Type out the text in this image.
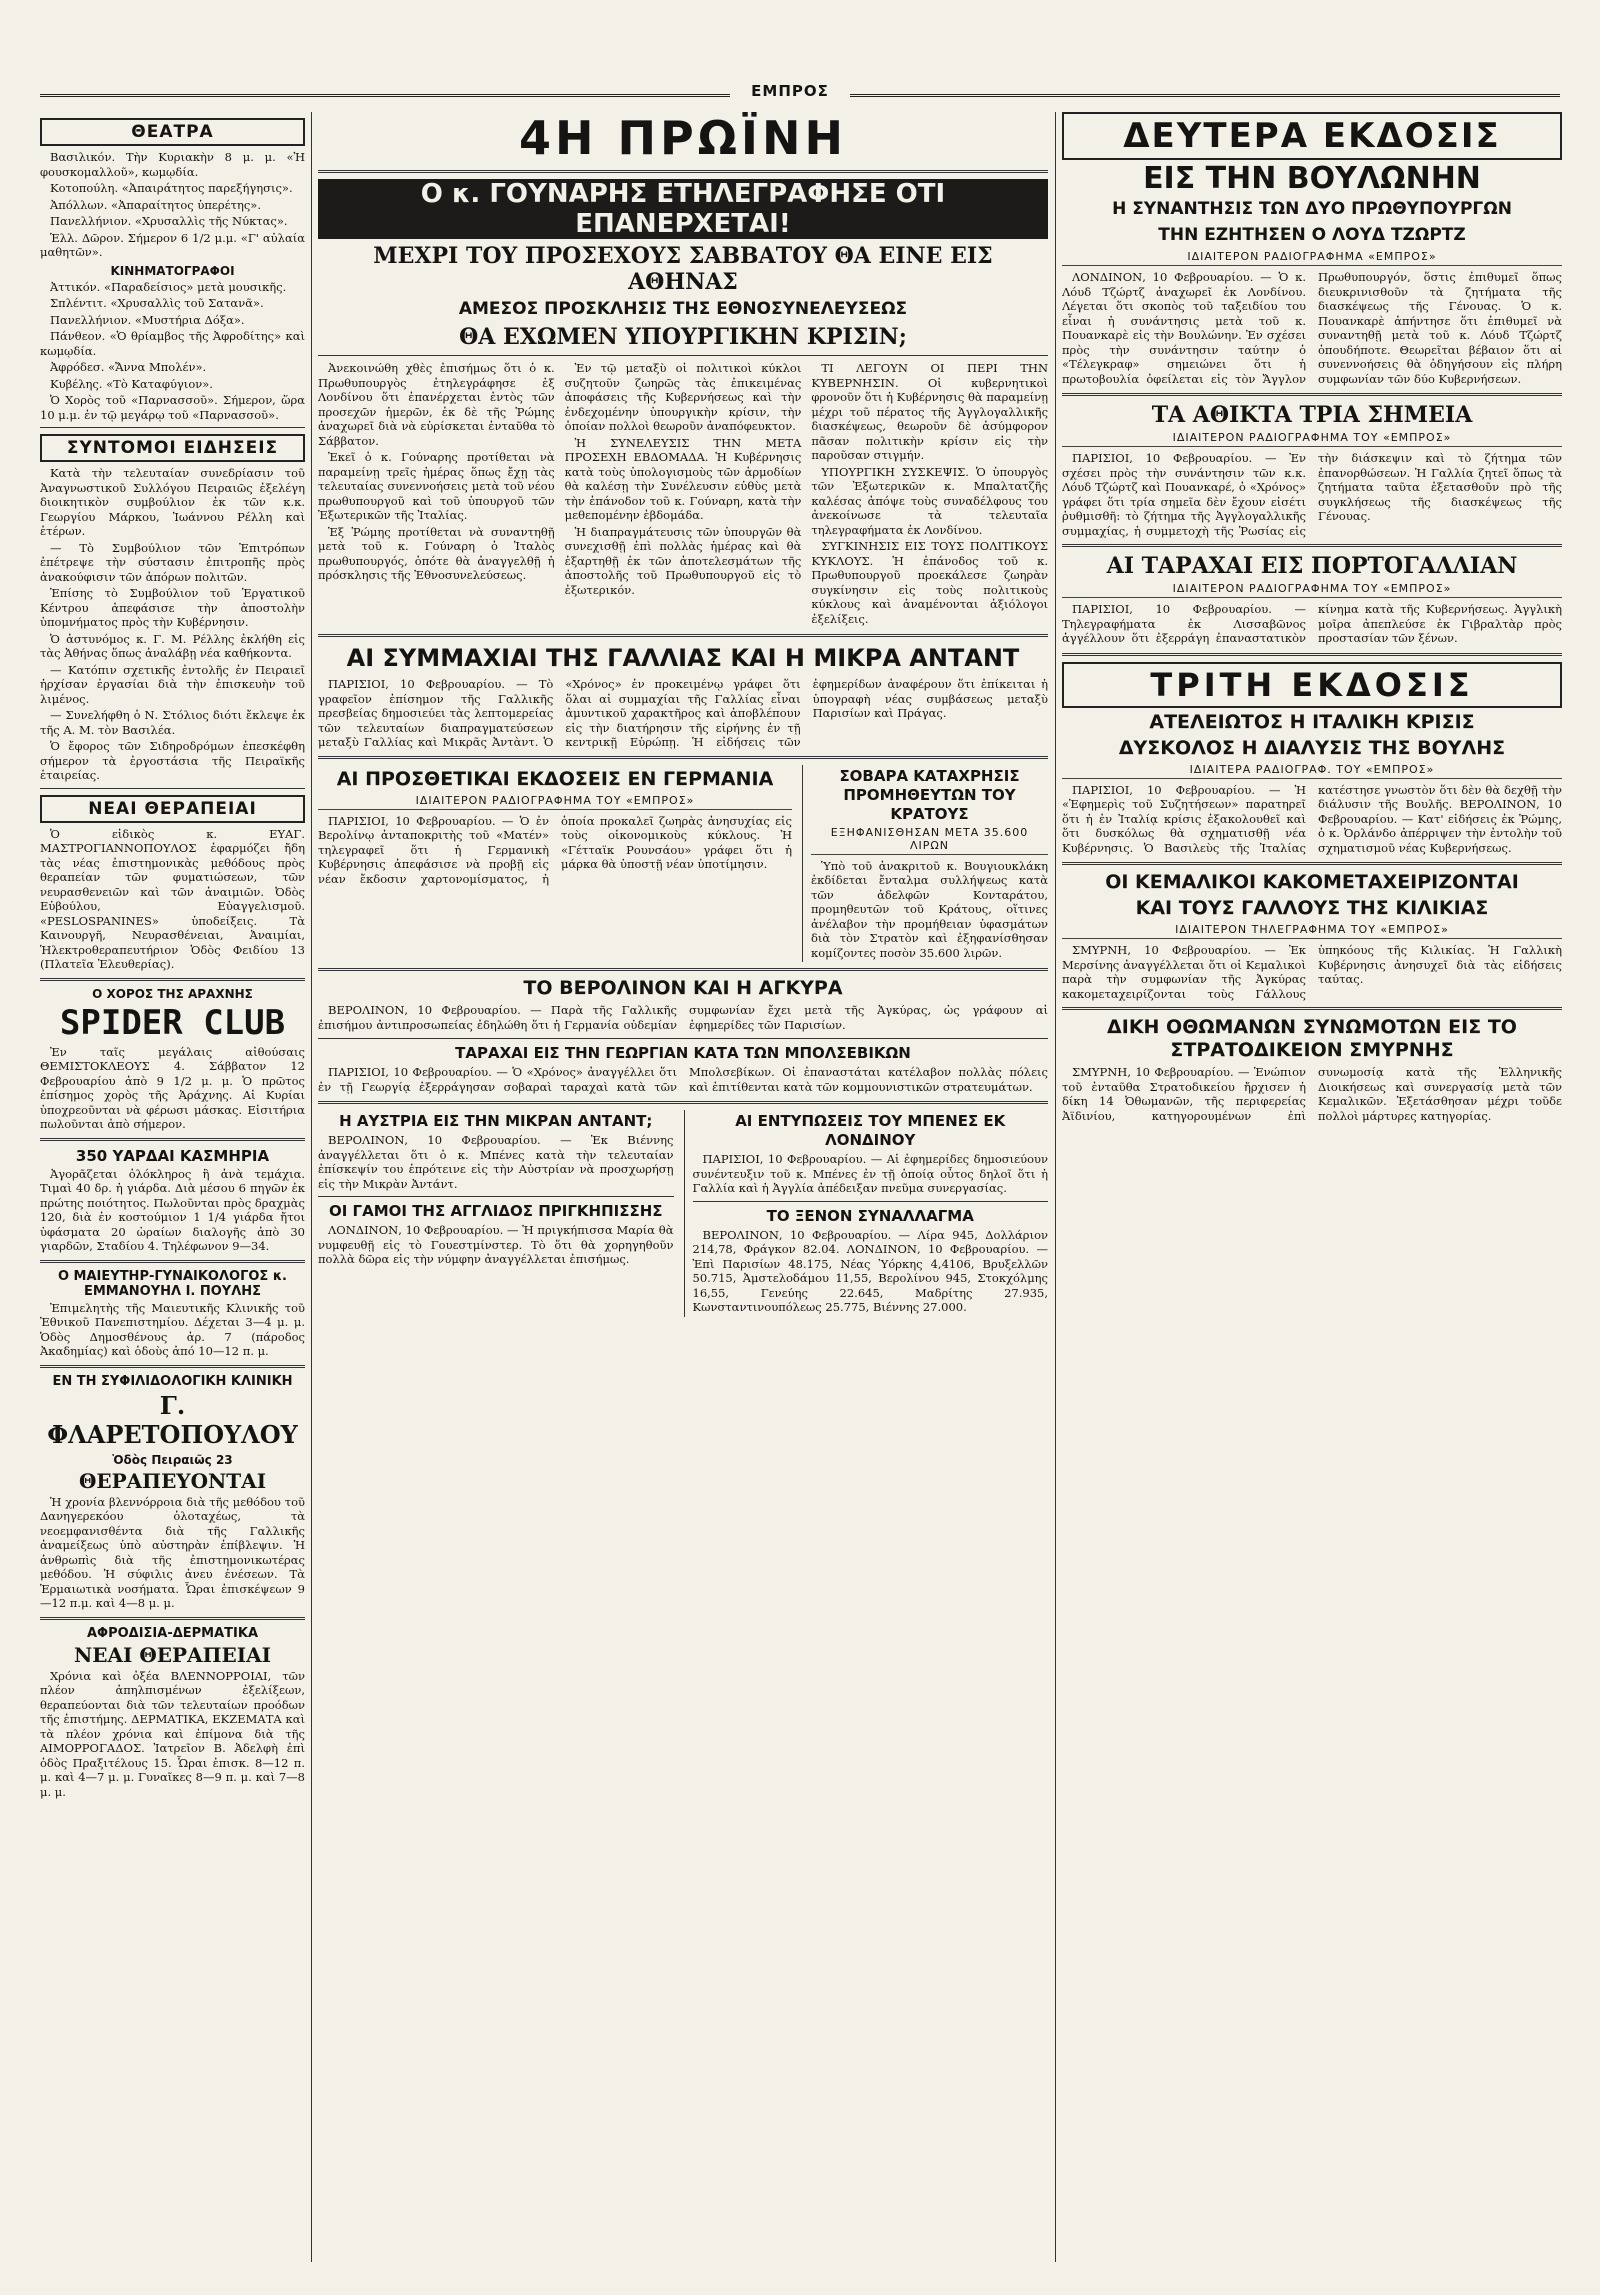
ΕΜΠΡΟΣ
ΘΕΑΤΡΑ

Βασιλικόν. Τὴν Κυριακὴν 8 μ. μ. «Ἡ φουσκομαλλοῦ», κωμῳδία.

Κοτοπούλη. «Ἀπαιράτητος παρεξήγησις».

Ἀπόλλων. «Ἀπαραίτητος ὑπερέτης».

Πανελλήνιον. «Χρυσαλλὶς τῆς Νύκτας».

Ἑλλ. Δῶρον. Σήμερον 6 1/2 μ.μ. «Γ' αὐλαία μαθητῶν».

ΚΙΝΗΜΑΤΟΓΡΑΦΟΙ

Ἀττικόν. «Παραδείσιος» μετὰ μουσικῆς.

Σπλέντιτ. «Χρυσαλλὶς τοῦ Σατανᾶ».

Πανελλήνιον. «Μυστήρια Δόξα».

Πάνθεον. «Ὁ θρίαμβος τῆς Ἀφροδίτης» καὶ κωμῳδία.

Ἀφρόδεσ. «Ἄννα Μπολέν».

Κυβέλης. «Τὸ Καταφύγιον».

Ὁ Χορὸς τοῦ «Παρνασσοῦ». Σήμερον, ὥρα 10 μ.μ. ἐν τῷ μεγάρῳ τοῦ «Παρνασσοῦ».

ΣΥΝΤΟΜΟΙ ΕΙΔΗΣΕΙΣ

Κατὰ τὴν τελευταίαν συνεδρίασιν τοῦ Ἀναγνωστικοῦ Συλλόγου Πειραιῶς ἐξελέγη διοικητικὸν συμβούλιον ἐκ τῶν κ.κ. Γεωργίου Μάρκου, Ἰωάννου Ρέλλη καὶ ἑτέρων.

— Τὸ Συμβούλιον τῶν Ἐπιτρόπων ἐπέτρεψε τὴν σύστασιν ἐπιτροπῆς πρὸς ἀνακούφισιν τῶν ἀπόρων πολιτῶν.

Ἐπίσης τὸ Συμβούλιον τοῦ Ἐργατικοῦ Κέντρου ἀπεφάσισε τὴν ἀποστολὴν ὑπομνήματος πρὸς τὴν Κυβέρνησιν.

Ὁ ἀστυνόμος κ. Γ. Μ. Ρέλλης ἐκλήθη εἰς τὰς Ἀθήνας ὅπως ἀναλάβῃ νέα καθήκοντα.

— Κατόπιν σχετικῆς ἐντολῆς ἐν Πειραιεῖ ἠρχίσαν ἐργασίαι διὰ τὴν ἐπισκευὴν τοῦ λιμένος.

— Συνελήφθη ὁ Ν. Στόλιος διότι ἔκλεψε ἐκ τῆς Α. Μ. τὸν Βασιλέα.

Ὁ ἔφορος τῶν Σιδηροδρόμων ἐπεσκέφθη σήμερον τὰ ἐργοστάσια τῆς Πειραϊκῆς ἑταιρείας.

ΝΕΑΙ ΘΕΡΑΠΕΙΑΙ

Ὁ εἰδικὸς κ. ΕΥΑΓ. ΜΑΣΤΡΟΓΙΑΝΝΟΠΟΥΛΟΣ ἐφαρμόζει ἤδη τὰς νέας ἐπιστημονικὰς μεθόδους πρὸς θεραπείαν τῶν φυματιώσεων, τῶν νευρασθενειῶν καὶ τῶν ἀναιμιῶν. Ὀδὸς Εὐβούλου, Εὐαγγελισμοῦ. «PESLOSPANINES» ὑποδείξεις. Τὰ Καινουργῆ, Νευρασθένειαι, Ἀναιμίαι, Ἡλεκτροθεραπευτήριον Ὁδὸς Φειδίου 13 (Πλατεῖα Ἐλευθερίας).

Ο ΧΟΡΟΣ ΤΗΣ ΑΡΑΧΝΗΣ
SPIDER CLUB

Ἐν ταῖς μεγάλαις αἰθούσαις ΘΕΜΙΣΤΟΚΛΕΟΥΣ 4. Σάββατον 12 Φεβρουαρίου ἀπὸ 9 1/2 μ. μ. Ὁ πρῶτος ἐπίσημος χορὸς τῆς Ἀράχνης. Αἱ Κυρίαι ὑποχρεοῦνται νὰ φέρωσι μάσκας. Εἰσιτήρια πωλοῦνται ἀπὸ σήμερον.

350 ΥΑΡΔΑΙ ΚΑΣΜΗΡΙΑ

Ἀγορᾶζεται ὁλόκληρος ἢ ἀνὰ τεμάχια. Τιμαὶ 40 δρ. ἡ γιάρδα. Διὰ μέσου 6 πηγῶν ἐκ πρώτης ποιότητος. Πωλοῦνται πρὸς δραχμὰς 120, διὰ ἐν κοστούμιον 1 1/4 γιάρδα ἤτοι ὑφάσματα 20 ὡραίων διαλογῆς ἀπὸ 30 γιαρδῶν, Σταδίου 4. Τηλέφωνον 9—34.

Ο ΜΑΙΕΥΤΗΡ-ΓΥΝΑΙΚΟΛΟΓΟΣ κ. ΕΜΜΑΝΟΥΗΛ Ι. ΠΟΥΛΗΣ

Ἐπιμελητὴς τῆς Μαιευτικῆς Κλινικῆς τοῦ Ἐθνικοῦ Πανεπιστημίου. Δέχεται 3—4 μ. μ. Ὁδὸς Δημοσθένους ἀρ. 7 (πάροδος Ἀκαδημίας) καὶ ὁδοὺς ἀπό 10—12 π. μ.

ΕΝ ΤΗ ΣΥΦΙΛΙΔΟΛΟΓΙΚΗ ΚΛΙΝΙΚΗ
Γ. ΦΛΑΡΕΤΟΠΟΥΛΟΥ
Ὁδὸς Πειραιῶς 23
ΘΕΡΑΠΕΥΟΝΤΑΙ

Ἡ χρονία βλεννόρροια διὰ τῆς μεθόδου τοῦ Δανηγερεκόου ὁλοταχέως, τὰ νεοεμφανισθέντα διὰ τῆς Γαλλικῆς ἀναμείξεως ὑπὸ αὐστηρὰν ἐπίβλεψιν. Ἡ ἀνθρωπὶς διὰ τῆς ἐπιστημονικωτέρας μεθόδου. Ἡ σύφιλις ἀνευ ἐνέσεων. Τὰ Ἑρμαιωτικὰ νοσήματα. Ὧραι ἐπισκέψεων 9—12 π.μ. καὶ 4—8 μ. μ.

ΑΦΡΟΔΙΣΙΑ-ΔΕΡΜΑΤΙΚΑ
ΝΕΑΙ ΘΕΡΑΠΕΙΑΙ

Χρόνια καὶ ὀξέα ΒΛΕΝΝΟΡΡΟΙΑΙ, τῶν πλέον ἀπηλπισμένων ἐξελίξεων, θεραπεύονται διὰ τῶν τελευταίων προόδων τῆς ἐπιστήμης. ΔΕΡΜΑΤΙΚΑ, ΕΚΖΕΜΑΤΑ καὶ τὰ πλέον χρόνια καὶ ἐπίμονα διὰ τῆς ΑΙΜΟΡΡΟΓΑΔΟΣ. Ἰατρεῖον Β. Ἀδελφὴ ἐπὶ ὁδὸς Πραξιτέλους 15. Ὧραι ἐπισκ. 8—12 π. μ. καὶ 4—7 μ. μ. Γυναῖκες 8—9 π. μ. καὶ 7—8 μ. μ.

4Η ΠΡΩΪΝΗ
Ο κ. ΓΟΥΝΑΡΗΣ ΕΤΗΛΕΓΡΑΦΗΣΕ ΟΤΙ ΕΠΑΝΕΡΧΕΤΑΙ!
ΜΕΧΡΙ ΤΟΥ ΠΡΟΣΕΧΟΥΣ ΣΑΒΒΑΤΟΥ ΘΑ ΕΙΝΕ ΕΙΣ ΑΘΗΝΑΣ
ΑΜΕΣΟΣ ΠΡΟΣΚΛΗΣΙΣ ΤΗΣ ΕΘΝΟΣΥΝΕΛΕΥΣΕΩΣ
ΘΑ ΕΧΩΜΕΝ ΥΠΟΥΡΓΙΚΗΝ ΚΡΙΣΙΝ;

Ἀνεκοινώθη χθὲς ἐπισήμως ὅτι ὁ κ. Πρωθυπουργὸς ἐτηλεγράφησε ἐξ Λονδίνου ὅτι ἐπανέρχεται ἐντὸς τῶν προσεχῶν ἡμερῶν, ἐκ δὲ τῆς Ῥώμης ἀναχωρεῖ διὰ νὰ εὑρίσκεται ἐνταῦθα τὸ Σάββατον.

Ἐκεῖ ὁ κ. Γούναρης προτίθεται νὰ παραμείνῃ τρεῖς ἡμέρας ὅπως ἔχῃ τὰς τελευταίας συνεννοήσεις μετὰ τοῦ νέου πρωθυπουργοῦ καὶ τοῦ ὑπουργοῦ τῶν Ἐξωτερικῶν τῆς Ἰταλίας.

Ἐξ Ῥώμης προτίθεται νὰ συναντηθῇ μετὰ τοῦ κ. Γούναρη ὁ Ἰταλὸς πρωθυπουργός, ὁπότε θὰ ἀναγγελθῇ ἡ πρόσκλησις τῆς Ἐθνοσυνελεύσεως.

Ἐν τῷ μεταξὺ οἱ πολιτικοὶ κύκλοι συζητοῦν ζωηρῶς τὰς ἐπικειμένας ἀποφάσεις τῆς Κυβερνήσεως καὶ τὴν ἐνδεχομένην ὑπουργικὴν κρίσιν, τὴν ὁποίαν πολλοὶ θεωροῦν ἀναπόφευκτον.

Ἡ ΣΥΝΕΛΕΥΣΙΣ ΤΗΝ ΜΕΤΑ ΠΡΟΣΕΧΗ ΕΒΔΟΜΑΔΑ. Ἡ Κυβέρνησις κατὰ τοὺς ὑπολογισμοὺς τῶν ἁρμοδίων θὰ καλέσῃ τὴν Συνέλευσιν εὐθὺς μετὰ τὴν ἐπάνοδον τοῦ κ. Γούναρη, κατὰ τὴν μεθεπομένην ἑβδομάδα.

Ἡ διαπραγμάτευσις τῶν ὑπουργῶν θὰ συνεχισθῇ ἐπὶ πολλὰς ἡμέρας καὶ θὰ ἐξαρτηθῇ ἐκ τῶν ἀποτελεσμάτων τῆς ἀποστολῆς τοῦ Πρωθυπουργοῦ εἰς τὸ ἐξωτερικόν.

ΤΙ ΛΕΓΟΥΝ ΟΙ ΠΕΡΙ ΤΗΝ ΚΥΒΕΡΝΗΣΙΝ. Οἱ κυβερνητικοὶ φρονοῦν ὅτι ἡ Κυβέρνησις θὰ παραμείνῃ μέχρι τοῦ πέρατος τῆς Ἀγγλογαλλικῆς διασκέψεως, θεωροῦν δὲ ἀσύμφορον πᾶσαν πολιτικὴν κρίσιν εἰς τὴν παροῦσαν στιγμήν.

ΥΠΟΥΡΓΙΚΗ ΣΥΣΚΕΨΙΣ. Ὁ ὑπουργὸς τῶν Ἐξωτερικῶν κ. Μπαλτατζῆς καλέσας ἀπόψε τοὺς συναδέλφους του ἀνεκοίνωσε τὰ τελευταῖα τηλεγραφήματα ἐκ Λονδίνου.

ΣΥΓΚΙΝΗΣΙΣ ΕΙΣ ΤΟΥΣ ΠΟΛΙΤΙΚΟΥΣ ΚΥΚΛΟΥΣ. Ἡ ἐπάνοδος τοῦ κ. Πρωθυπουργοῦ προεκάλεσε ζωηρὰν συγκίνησιν εἰς τοὺς πολιτικοὺς κύκλους καὶ ἀναμένονται ἀξιόλογοι ἐξελίξεις.

ΑΙ ΣΥΜΜΑΧΙΑΙ ΤΗΣ ΓΑΛΛΙΑΣ ΚΑΙ Η ΜΙΚΡΑ ΑΝΤΑΝΤ

ΠΑΡΙΣΙΟΙ, 10 Φεβρουαρίου. — Τὸ γραφεῖον ἐπίσημον τῆς Γαλλικῆς πρεσβείας δημοσιεύει τὰς λεπτομερείας τῶν τελευταίων διαπραγματεύσεων μεταξὺ Γαλλίας καὶ Μικρᾶς Ἀντὰντ. Ὁ «Χρόνος» ἐν προκειμένῳ γράφει ὅτι ὅλαι αἱ συμμαχίαι τῆς Γαλλίας εἶναι ἀμυντικοῦ χαρακτῆρος καὶ ἀποβλέπουν εἰς τὴν διατήρησιν τῆς εἰρήνης ἐν τῇ κεντρικῇ Εὐρώπῃ. Ἡ εἰδήσεις τῶν ἐφημερίδων ἀναφέρουν ὅτι ἐπίκειται ἡ ὑπογραφὴ νέας συμβάσεως μεταξὺ Παρισίων καὶ Πράγας.

ΑΙ ΠΡΟΣΘΕΤΙΚΑΙ ΕΚΔΟΣΕΙΣ ΕΝ ΓΕΡΜΑΝΙΑ
ΙΔΙΑΙΤΕΡΟΝ ΡΑΔΙΟΓΡΑΦΗΜΑ ΤΟΥ «ΕΜΠΡΟΣ»

ΠΑΡΙΣΙΟΙ, 10 Φεβρουαρίου. — Ὁ ἐν Βερολίνῳ ἀνταποκριτὴς τοῦ «Ματέν» τηλεγραφεῖ ὅτι ἡ Γερμανικὴ Κυβέρνησις ἀπεφάσισε νὰ προβῇ εἰς νέαν ἔκδοσιν χαρτονομίσματος, ἡ ὁποία προκαλεῖ ζωηρὰς ἀνησυχίας εἰς τοὺς οἰκονομικοὺς κύκλους. Ἡ «Γέτταϊκ Ρουνσάου» γράφει ὅτι ἡ μάρκα θὰ ὑποστῇ νέαν ὑποτίμησιν.

ΣΟΒΑΡΑ ΚΑΤΑΧΡΗΣΙΣ ΠΡΟΜΗΘΕΥΤΩΝ ΤΟΥ ΚΡΑΤΟΥΣ
ΕΞΗΦΑΝΙΣΘΗΣΑΝ ΜΕΤΑ 35.600 ΛΙΡΩΝ

Ὑπὸ τοῦ ἀνακριτοῦ κ. Βουγιουκλάκη ἐκδίδεται ἔνταλμα συλλήψεως κατὰ τῶν ἀδελφῶν Κονταράτου, προμηθευτῶν τοῦ Κράτους, οἵτινες ἀνέλαβον τὴν προμήθειαν ὑφασμάτων διὰ τὸν Στρατὸν καὶ ἐξηφανίσθησαν κομίζοντες ποσὸν 35.600 λιρῶν.

ΤΟ ΒΕΡΟΛΙΝΟΝ ΚΑΙ Η ΑΓΚΥΡΑ

ΒΕΡΟΛΙΝΟΝ, 10 Φεβρουαρίου. — Παρὰ τῆς Γαλλικῆς ἐπισήμου ἀντιπροσωπείας ἐδηλώθη ὅτι ἡ Γερμανία οὐδεμίαν συμφωνίαν ἔχει μετὰ τῆς Ἀγκύρας, ὡς γράφουν αἱ ἐφημερίδες τῶν Παρισίων.

ΤΑΡΑΧΑΙ ΕΙΣ ΤΗΝ ΓΕΩΡΓΙΑΝ ΚΑΤΑ ΤΩΝ ΜΠΟΛΣΕΒΙΚΩΝ

ΠΑΡΙΣΙΟΙ, 10 Φεβρουαρίου. — Ὁ «Χρόνος» ἀναγγέλλει ὅτι ἐν τῇ Γεωργίᾳ ἐξερράγησαν σοβαραὶ ταραχαὶ κατὰ τῶν Μπολσεβίκων. Οἱ ἐπαναστάται κατέλαβον πολλὰς πόλεις καὶ ἐπιτίθενται κατὰ τῶν κομμουνιστικῶν στρατευμάτων.

Η ΑΥΣΤΡΙΑ ΕΙΣ ΤΗΝ ΜΙΚΡΑΝ ΑΝΤΑΝΤ;

ΒΕΡΟΛΙΝΟΝ, 10 Φεβρουαρίου. — Ἐκ Βιέννης ἀναγγέλλεται ὅτι ὁ κ. Μπένες κατὰ τὴν τελευταίαν ἐπίσκεψίν του ἐπρότεινε εἰς τὴν Αὐστρίαν νὰ προσχωρήσῃ εἰς τὴν Μικρὰν Ἀντάντ.

ΟΙ ΓΑΜΟΙ ΤΗΣ ΑΓΓΛΙΔΟΣ ΠΡΙΓΚΗΠΙΣΣΗΣ

ΛΟΝΔΙΝΟΝ, 10 Φεβρουαρίου. — Ἡ πριγκήπισσα Μαρία θὰ νυμφευθῇ εἰς τὸ Γουεστμίνστερ. Τὸ ὅτι θὰ χορηγηθοῦν πολλὰ δῶρα εἰς τὴν νύμφην ἀναγγέλλεται ἐπισήμως.

ΑΙ ΕΝΤΥΠΩΣΕΙΣ ΤΟΥ ΜΠΕΝΕΣ ΕΚ ΛΟΝΔΙΝΟΥ

ΠΑΡΙΣΙΟΙ, 10 Φεβρουαρίου. — Αἱ ἐφημερίδες δημοσιεύουν συνέντευξιν τοῦ κ. Μπένες ἐν τῇ ὁποίᾳ οὗτος δηλοῖ ὅτι ἡ Γαλλία καὶ ἡ Ἀγγλία ἀπέδειξαν πνεῦμα συνεργασίας.

ΤΟ ΞΕΝΟΝ ΣΥΝΑΛΛΑΓΜΑ

ΒΕΡΟΛΙΝΟΝ, 10 Φεβρουαρίου. — Λίρα 945, Δολλάριον 214,78, Φράγκον 82.04. ΛΟΝΔΙΝΟΝ, 10 Φεβρουαρίου. — Ἐπὶ Παρισίων 48.175, Νέας Ὑόρκης 4,4106, Βρυξελλῶν 50.715, Ἀμστελοδάμου 11,55, Βερολίνου 945, Στοκχόλμης 16,55, Γενεύης 22.645, Μαδρίτης 27.935, Κωνσταντινουπόλεως 25.775, Βιέννης 27.000.

ΔΕΥΤΕΡΑ ΕΚΔΟΣΙΣ
ΕΙΣ ΤΗΝ ΒΟΥΛΩΝΗΝ
Η ΣΥΝΑΝΤΗΣΙΣ ΤΩΝ ΔΥΟ ΠΡΩΘΥΠΟΥΡΓΩΝ
ΤΗΝ ΕΖΗΤΗΣΕΝ Ο ΛΟΥΔ ΤΖΩΡΤΖ
ΙΔΙΑΙΤΕΡΟΝ ΡΑΔΙΟΓΡΑΦΗΜΑ «ΕΜΠΡΟΣ»

ΛΟΝΔΙΝΟΝ, 10 Φεβρουαρίου. — Ὁ κ. Λόυδ Τζώρτζ ἀναχωρεῖ ἐκ Λονδίνου. Λέγεται ὅτι σκοπὸς τοῦ ταξειδίου του εἶναι ἡ συνάντησις μετὰ τοῦ κ. Πουανκαρὲ εἰς τὴν Βουλώνην. Ἐν σχέσει πρὸς τὴν συνάντησιν ταύτην ὁ «Τέλεγκραφ» σημειώνει ὅτι ἡ πρωτοβουλία ὀφείλεται εἰς τὸν Ἄγγλον Πρωθυπουργόν, ὅστις ἐπιθυμεῖ ὅπως διευκρινισθοῦν τὰ ζητήματα τῆς διασκέψεως τῆς Γένουας. Ὁ κ. Πουανκαρὲ ἀπήντησε ὅτι ἐπιθυμεῖ νὰ συναντηθῇ μετὰ τοῦ κ. Λόυδ Τζώρτζ ὁπουδήποτε. Θεωρεῖται βέβαιον ὅτι αἱ συνεννοήσεις θὰ ὁδηγήσουν εἰς πλήρη συμφωνίαν τῶν δύο Κυβερνήσεων.

ΤΑ ΑΘΙΚΤΑ ΤΡΙΑ ΣΗΜΕΙΑ
ΙΔΙΑΙΤΕΡΟΝ ΡΑΔΙΟΓΡΑΦΗΜΑ ΤΟΥ «ΕΜΠΡΟΣ»

ΠΑΡΙΣΙΟΙ, 10 Φεβρουαρίου. — Ἐν σχέσει πρὸς τὴν συνάντησιν τῶν κ.κ. Λόυδ Τζώρτζ καὶ Πουανκαρέ, ὁ «Χρόνος» γράφει ὅτι τρία σημεῖα δὲν ἔχουν εἰσέτι ῥυθμισθῆ: τὸ ζήτημα τῆς Ἀγγλογαλλικῆς συμμαχίας, ἡ συμμετοχὴ τῆς Ῥωσίας εἰς τὴν διάσκεψιν καὶ τὸ ζήτημα τῶν ἐπανορθώσεων. Ἡ Γαλλία ζητεῖ ὅπως τὰ ζητήματα ταῦτα ἐξετασθοῦν πρὸ τῆς συγκλήσεως τῆς διασκέψεως τῆς Γένουας.

ΑΙ ΤΑΡΑΧΑΙ ΕΙΣ ΠΟΡΤΟΓΑΛΛΙΑΝ
ΙΔΙΑΙΤΕΡΟΝ ΡΑΔΙΟΓΡΑΦΗΜΑ ΤΟΥ «ΕΜΠΡΟΣ»

ΠΑΡΙΣΙΟΙ, 10 Φεβρουαρίου. — Τηλεγραφήματα ἐκ Λισσαβῶνος ἀγγέλλουν ὅτι ἐξερράγη ἐπαναστατικὸν κίνημα κατὰ τῆς Κυβερνήσεως. Ἀγγλικὴ μοῖρα ἀπεπλεύσε ἐκ Γιβραλτὰρ πρὸς προστασίαν τῶν ξένων.

ΤΡΙΤΗ ΕΚΔΟΣΙΣ
ΑΤΕΛΕΙΩΤΟΣ Η ΙΤΑΛΙΚΗ ΚΡΙΣΙΣ
ΔΥΣΚΟΛΟΣ Η ΔΙΑΛΥΣΙΣ ΤΗΣ ΒΟΥΛΗΣ
ΙΔΙΑΙΤΕΡΑ ΡΑΔΙΟΓΡΑΦ. ΤΟΥ «ΕΜΠΡΟΣ»

ΠΑΡΙΣΙΟΙ, 10 Φεβρουαρίου. — Ἡ «Ἐφημερὶς τοῦ Συζητήσεων» παρατηρεῖ ὅτι ἡ ἐν Ἰταλίᾳ κρίσις ἐξακολουθεῖ καὶ ὅτι δυσκόλως θὰ σχηματισθῇ νέα Κυβέρνησις. Ὁ Βασιλεὺς τῆς Ἰταλίας κατέστησε γνωστὸν ὅτι δὲν θὰ δεχθῇ τὴν διάλυσιν τῆς Βουλῆς. ΒΕΡΟΛΙΝΟΝ, 10 Φεβρουαρίου. — Κατ' εἰδήσεις ἐκ Ῥώμης, ὁ κ. Ὀρλάνδο ἀπέρριψεν τὴν ἐντολὴν τοῦ σχηματισμοῦ νέας Κυβερνήσεως.

ΟΙ ΚΕΜΑΛΙΚΟΙ ΚΑΚΟΜΕΤΑΧΕΙΡΙΖΟΝΤΑΙ
ΚΑΙ ΤΟΥΣ ΓΑΛΛΟΥΣ ΤΗΣ ΚΙΛΙΚΙΑΣ
ΙΔΙΑΙΤΕΡΟΝ ΤΗΛΕΓΡΑΦΗΜΑ ΤΟΥ «ΕΜΠΡΟΣ»

ΣΜΥΡΝΗ, 10 Φεβρουαρίου. — Ἐκ Μερσίνης ἀναγγέλλεται ὅτι οἱ Κεμαλικοὶ παρὰ τὴν συμφωνίαν τῆς Ἀγκύρας κακομεταχειρίζονται τοὺς Γάλλους ὑπηκόους τῆς Κιλικίας. Ἡ Γαλλικὴ Κυβέρνησις ἀνησυχεῖ διὰ τὰς εἰδήσεις ταύτας.

ΔΙΚΗ ΟΘΩΜΑΝΩΝ ΣΥΝΩΜΟΤΩΝ ΕΙΣ ΤΟ ΣΤΡΑΤΟΔΙΚΕΙΟΝ ΣΜΥΡΝΗΣ

ΣΜΥΡΝΗ, 10 Φεβρουαρίου. — Ἐνώπιον τοῦ ἐνταῦθα Στρατοδικείου ἤρχισεν ἡ δίκη 14 Ὀθωμανῶν, τῆς περιφερείας Ἀϊδινίου, κατηγορουμένων ἐπὶ συνωμοσίᾳ κατὰ τῆς Ἑλληνικῆς Διοικήσεως καὶ συνεργασίᾳ μετὰ τῶν Κεμαλικῶν. Ἐξετάσθησαν μέχρι τοῦδε πολλοὶ μάρτυρες κατηγορίας.
